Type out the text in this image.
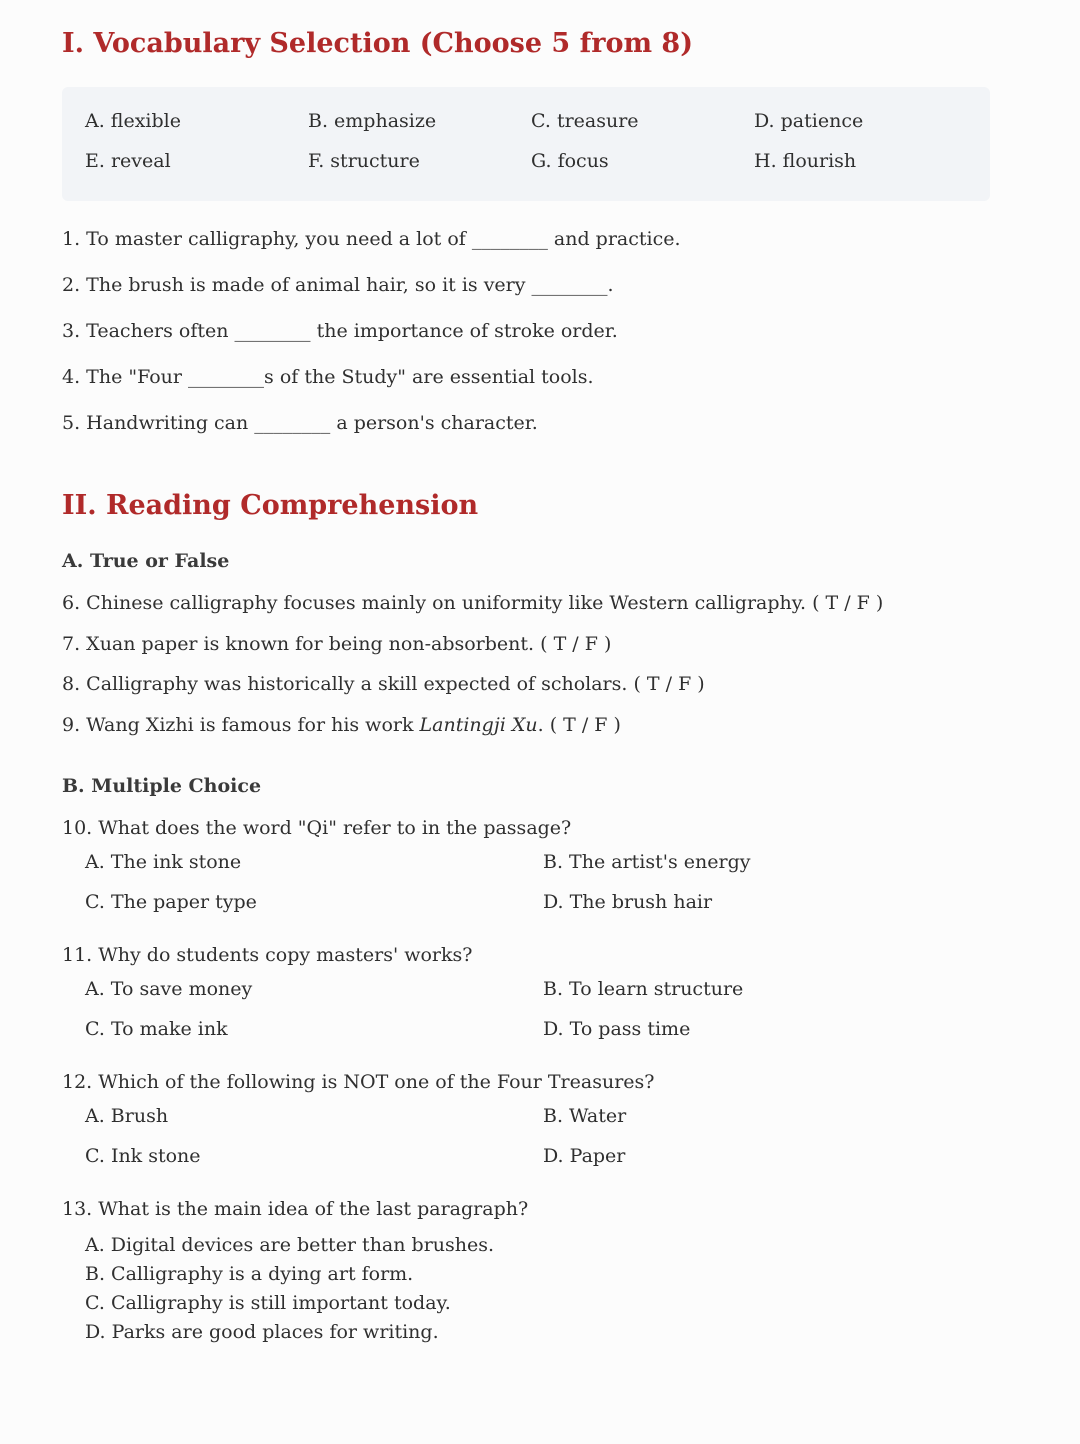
I. Vocabulary Selection (Choose 5 from 8)
A. flexible	B. emphasize	C. treasure	D. patience
E. reveal	F. structure	G. focus	H. flourish
1. To master calligraphy, you need a lot of ________ and practice.
2. The brush is made of animal hair, so it is very ________.
3. Teachers often ________ the importance of stroke order.
4. The "Four ________s of the Study" are essential tools.
5. Handwriting can ________ a person's character.
II. Reading Comprehension
A. True or False
6. Chinese calligraphy focuses mainly on uniformity like Western calligraphy. ( T / F )
7. Xuan paper is known for being non-absorbent. ( T / F )
8. Calligraphy was historically a skill expected of scholars. ( T / F )
9. Wang Xizhi is famous for his work Lantingji Xu. ( T / F )
B. Multiple Choice
10. What does the word "Qi" refer to in the passage?
A. The ink stone	B. The artist's energy
C. The paper type	D. The brush hair
11. Why do students copy masters' works?
A. To save money	B. To learn structure
C. To make ink	D. To pass time
12. Which of the following is NOT one of the Four Treasures?
A. Brush	B. Water
C. Ink stone	D. Paper
13. What is the main idea of the last paragraph?
A. Digital devices are better than brushes.
B. Calligraphy is a dying art form.
C. Calligraphy is still important today.
D. Parks are good places for writing.
